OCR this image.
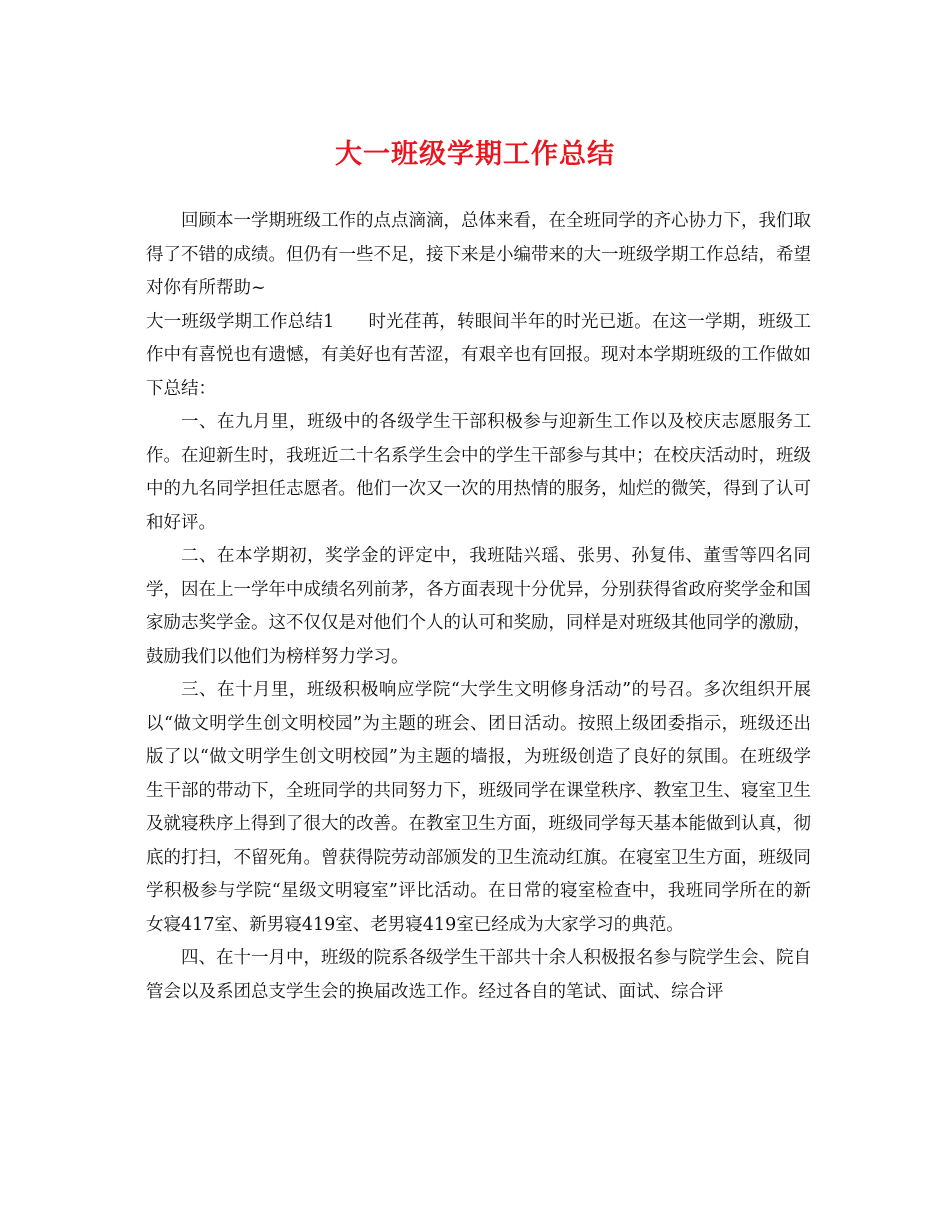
大一班级学期工作总结

回顾本一学期班级工作的点点滴滴，总体来看，在全班同学的齐心协力下，我们取得了不错的成绩。但仍有一些不足，接下来是小编带来的大一班级学期工作总结，希望对你有所帮助~

大一班级学期工作总结1 时光荏苒，转眼间半年的时光已逝。在这一学期，班级工作中有喜悦也有遗憾，有美好也有苦涩，有艰辛也有回报。现对本学期班级的工作做如下总结：

一、在九月里，班级中的各级学生干部积极参与迎新生工作以及校庆志愿服务工作。在迎新生时，我班近二十名系学生会中的学生干部参与其中；在校庆活动时，班级中的九名同学担任志愿者。他们一次又一次的用热情的服务，灿烂的微笑，得到了认可和好评。

二、在本学期初，奖学金的评定中，我班陆兴瑶、张男、孙复伟、董雪等四名同学，因在上一学年中成绩名列前茅，各方面表现十分优异，分别获得省政府奖学金和国家励志奖学金。这不仅仅是对他们个人的认可和奖励，同样是对班级其他同学的激励，鼓励我们以他们为榜样努力学习。

三、在十月里，班级积极响应学院“大学生文明修身活动”的号召。多次组织开展以“做文明学生创文明校园”为主题的班会、团日活动。按照上级团委指示，班级还出版了以“做文明学生创文明校园”为主题的墙报，为班级创造了良好的氛围。在班级学生干部的带动下，全班同学的共同努力下，班级同学在课堂秩序、教室卫生、寝室卫生及就寝秩序上得到了很大的改善。在教室卫生方面，班级同学每天基本能做到认真，彻底的打扫，不留死角。曾获得院劳动部颁发的卫生流动红旗。在寝室卫生方面，班级同学积极参与学院“星级文明寝室”评比活动。在日常的寝室检查中，我班同学所在的新女寝417室、新男寝419室、老男寝419室已经成为大家学习的典范。

四、在十一月中，班级的院系各级学生干部共十余人积极报名参与院学生会、院自管会以及系团总支学生会的换届改选工作。经过各自的笔试、面试、综合评
